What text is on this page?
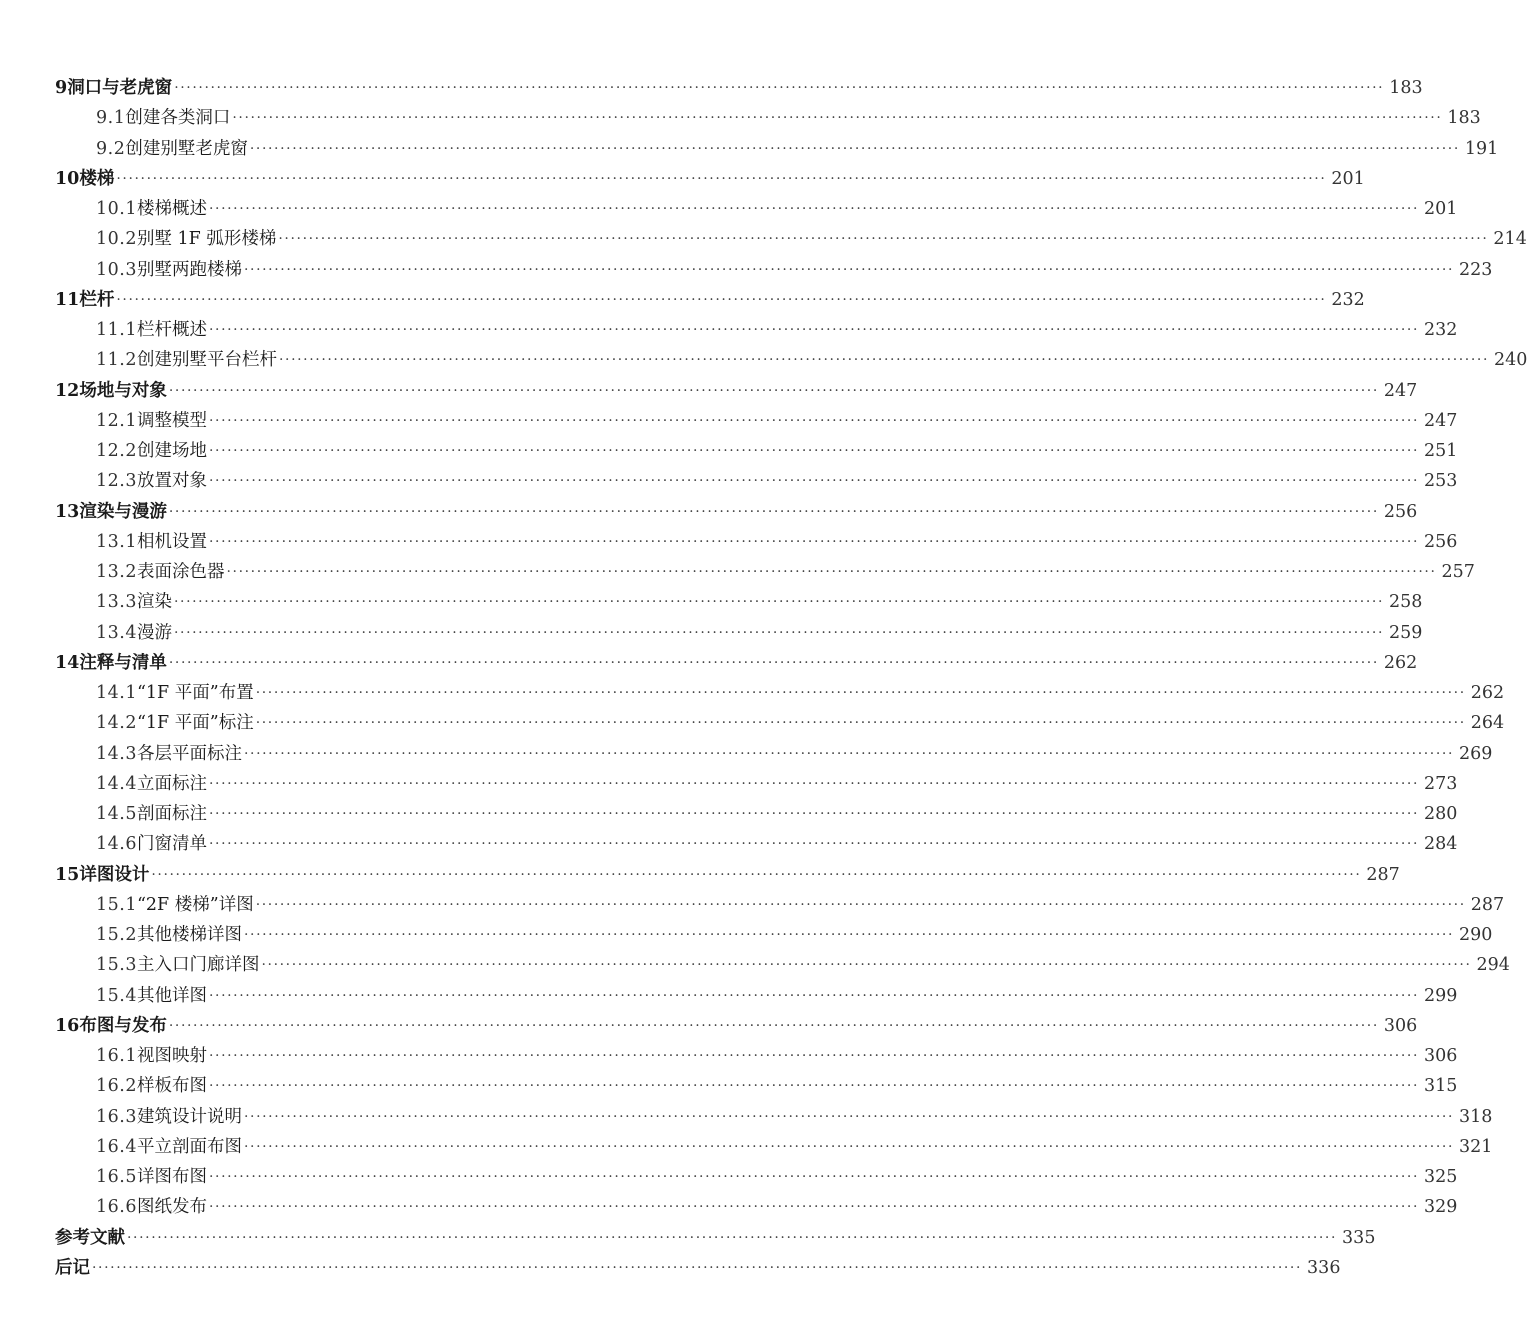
9 洞口与老虎窗 ········································································································································································································ 183
9.1 创建各类洞口 ········································································································································································································ 183
9.2 创建别墅老虎窗 ········································································································································································································ 191
10 楼梯 ········································································································································································································ 201
10.1 楼梯概述 ········································································································································································································ 201
10.2 别墅 1F 弧形楼梯 ········································································································································································································ 214
10.3 别墅两跑楼梯 ········································································································································································································ 223
11 栏杆 ········································································································································································································ 232
11.1 栏杆概述 ········································································································································································································ 232
11.2 创建别墅平台栏杆 ········································································································································································································ 240
12 场地与对象 ········································································································································································································ 247
12.1 调整模型 ········································································································································································································ 247
12.2 创建场地 ········································································································································································································ 251
12.3 放置对象 ········································································································································································································ 253
13 渲染与漫游 ········································································································································································································ 256
13.1 相机设置 ········································································································································································································ 256
13.2 表面涂色器 ········································································································································································································ 257
13.3 渲染 ········································································································································································································ 258
13.4 漫游 ········································································································································································································ 259
14 注释与清单 ········································································································································································································ 262
14.1 “1F 平面”布置 ········································································································································································································ 262
14.2 “1F 平面”标注 ········································································································································································································ 264
14.3 各层平面标注 ········································································································································································································ 269
14.4 立面标注 ········································································································································································································ 273
14.5 剖面标注 ········································································································································································································ 280
14.6 门窗清单 ········································································································································································································ 284
15 详图设计 ········································································································································································································ 287
15.1 “2F 楼梯”详图 ········································································································································································································ 287
15.2 其他楼梯详图 ········································································································································································································ 290
15.3 主入口门廊详图 ········································································································································································································ 294
15.4 其他详图 ········································································································································································································ 299
16 布图与发布 ········································································································································································································ 306
16.1 视图映射 ········································································································································································································ 306
16.2 样板布图 ········································································································································································································ 315
16.3 建筑设计说明 ········································································································································································································ 318
16.4 平立剖面布图 ········································································································································································································ 321
16.5 详图布图 ········································································································································································································ 325
16.6 图纸发布 ········································································································································································································ 329
参考文献 ········································································································································································································ 335
后记 ········································································································································································································ 336
